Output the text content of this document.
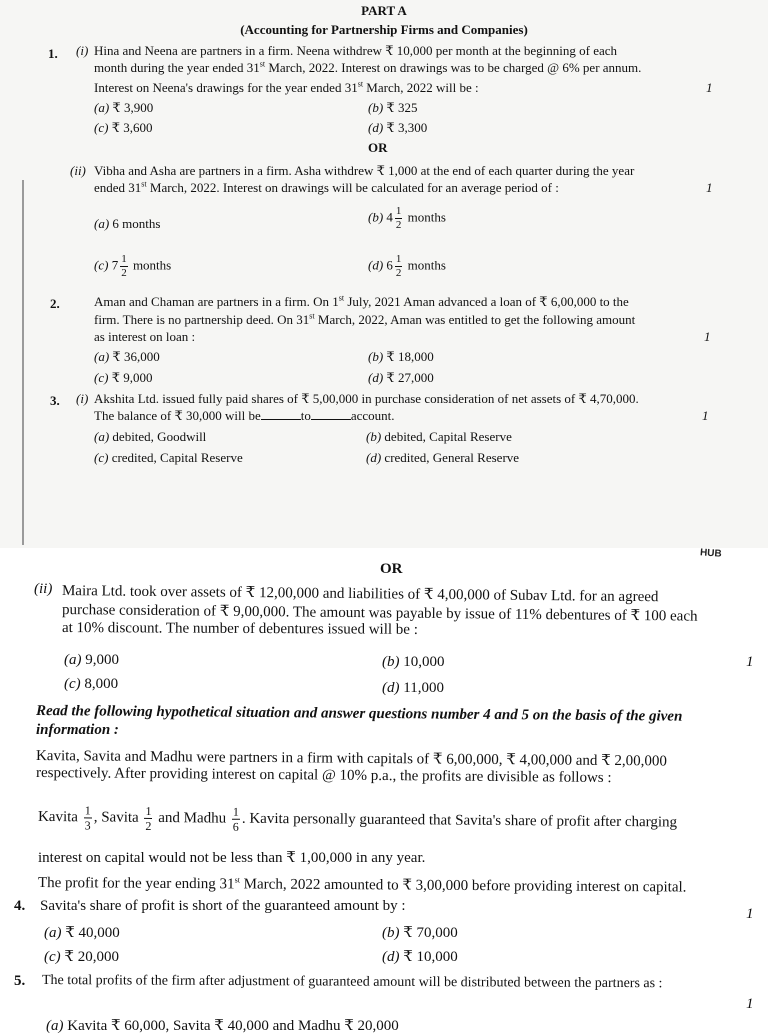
PART A
(Accounting for Partnership Firms and Companies)
1. (i) Hina and Neena are partners in a firm. Neena withdrew ₹ 10,000 per month at the beginning of each
month during the year ended 31st March, 2022. Interest on drawings was to be charged @ 6% per annum.
Interest on Neena's drawings for the year ended 31st March, 2022 will be :	1
(a) ₹ 3,900	(b) ₹ 325
(c) ₹ 3,600	(d) ₹ 3,300
OR
(ii) Vibha and Asha are partners in a firm. Asha withdrew ₹ 1,000 at the end of each quarter during the year
ended 31st March, 2022. Interest on drawings will be calculated for an average period of :	1
(a) 6 months	(b) $4 \frac{1}{2}$ months
(c) $7 \frac{1}{2}$ months	(d) $6 \frac{1}{2}$ months
2.	Aman and Chaman are partners in a firm. On 1st July, 2021 Aman advanced a loan of ₹ 6,00,000 to the
firm. There is no partnership deed. On 31st March, 2022, Aman was entitled to get the following amount
as interest on loan :	1
(a) ₹ 36,000	(b) ₹ 18,000
(c) ₹ 9,000	(d) ₹ 27,000
3. (i) Akshita Ltd. issued fully paid shares of ₹ 5,00,000 in purchase consideration of net assets of ₹ 4,70,000.
The balance of ₹ 30,000 will be	to	account.	1
(a) debited, Goodwill	(b) debited, Capital Reserve
(c) credited, Capital Reserve	(d) credited, General Reserve
HUB
OR
(ii) Maira Ltd. took over assets of ₹ 12,00,000 and liabilities of ₹ 4,00,000 of Subav Ltd. for an agreed
purchase consideration of ₹ 9,00,000. The amount was payable by issue of 11% debentures of ₹ 100 each
at 10% discount. The number of debentures issued will be :
(a) 9,000	(b) 10,000	1
(c) 8,000	(d) 11,000
Read the following hypothetical situation and answer questions number 4 and 5 on the basis of the given
information :
Kavita, Savita and Madhu were partners in a firm with capitals of ₹ 6,00,000, ₹ 4,00,000 and ₹ 2,00,000
respectively. After providing interest on capital @ 10% p.a., the profits are divisible as follows :
Kavita $\frac{1}{3}$ , Savita $\frac{1}{2}$ and Madhu $\frac{1}{6}$ . Kavita personally guaranteed that Savita's share of profit after charging
interest on capital would not be less than ₹ 1,00,000 in any year.
The profit for the year ending 31st March, 2022 amounted to ₹ 3,00,000 before providing interest on capital.
4. Savita's share of profit is short of the guaranteed amount by :	1
(a) ₹ 40,000	(b) ₹ 70,000
(c) ₹ 20,000	(d) ₹ 10,000
5. The total profits of the firm after adjustment of guaranteed amount will be distributed between the partners as :
1
(a) Kavita ₹ 60,000, Savita ₹ 40,000 and Madhu ₹ 20,000
